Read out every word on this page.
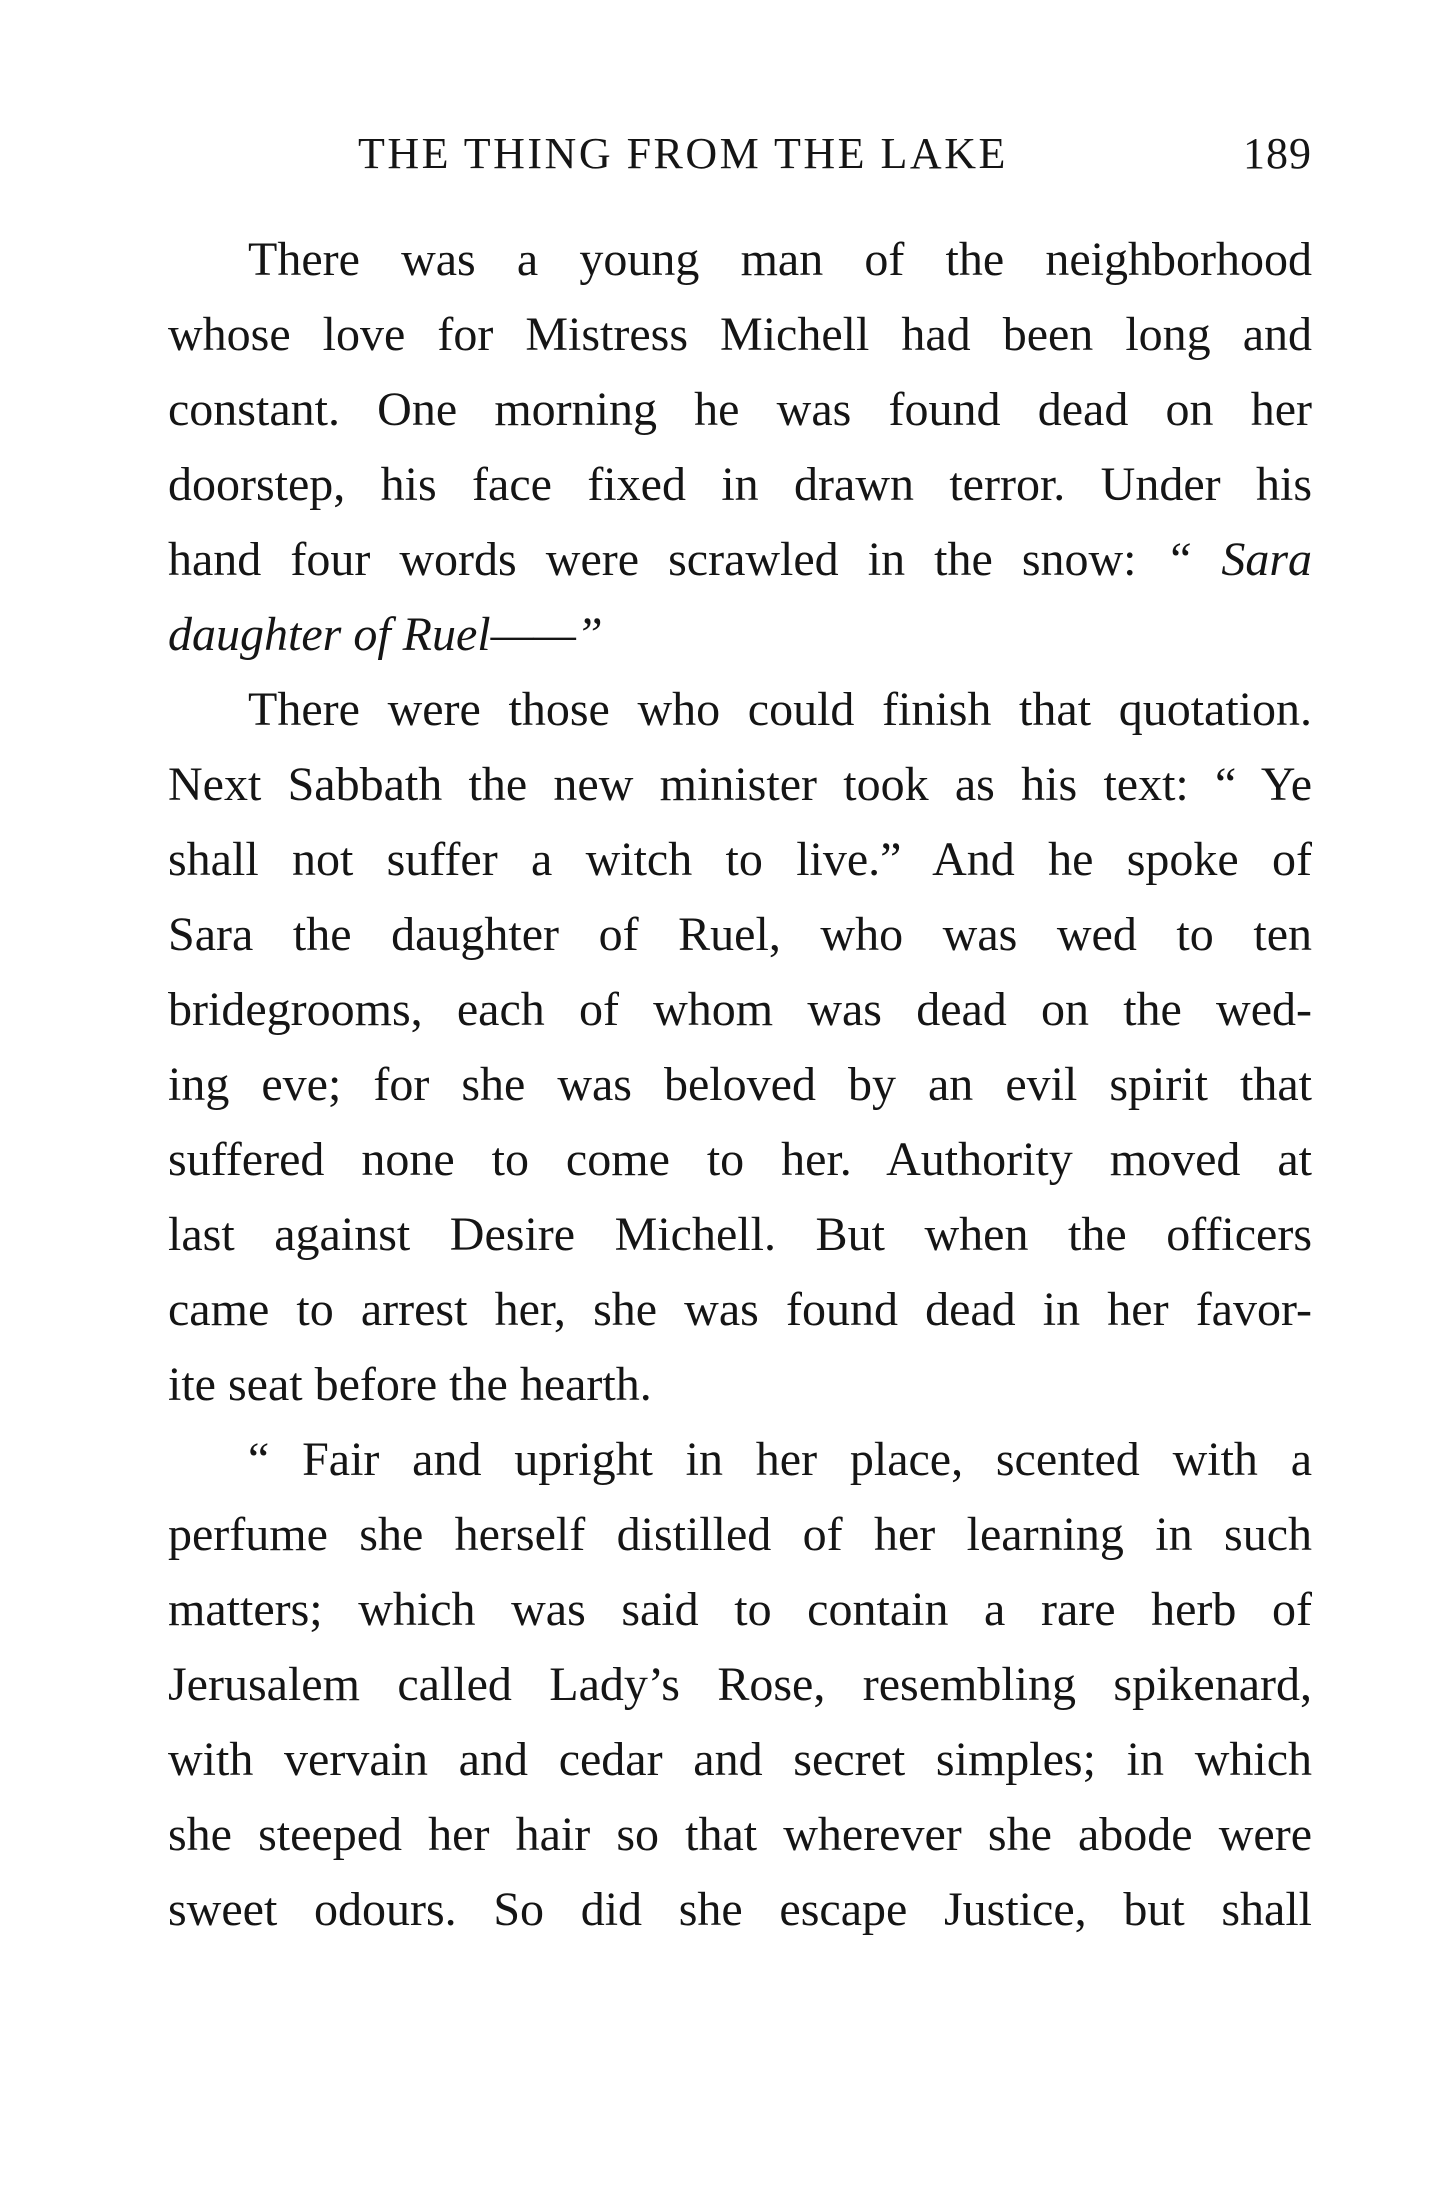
THE THING FROM THE LAKE	189
There was a young man of the neighborhood
whose love for Mistress Michell had been long and
constant. One morning he was found dead on her
doorstep, his face fixed in drawn terror. Under his
hand four words were scrawled in the snow: “ Sara
daughter of Ruel——”
There were those who could finish that quotation.
Next Sabbath the new minister took as his text: “ Ye
shall not suffer a witch to live.” And he spoke of
Sara the daughter of Ruel, who was wed to ten
bridegrooms, each of whom was dead on the wed-
ing eve; for she was beloved by an evil spirit that
suffered none to come to her. Authority moved at
last against Desire Michell. But when the officers
came to arrest her, she was found dead in her favor-
ite seat before the hearth.
“ Fair and upright in her place, scented with a
perfume she herself distilled of her learning in such
matters; which was said to contain a rare herb of
Jerusalem called Lady’s Rose, resembling spikenard,
with vervain and cedar and secret simples; in which
she steeped her hair so that wherever she abode were
sweet odours. So did she escape Justice, but shall
